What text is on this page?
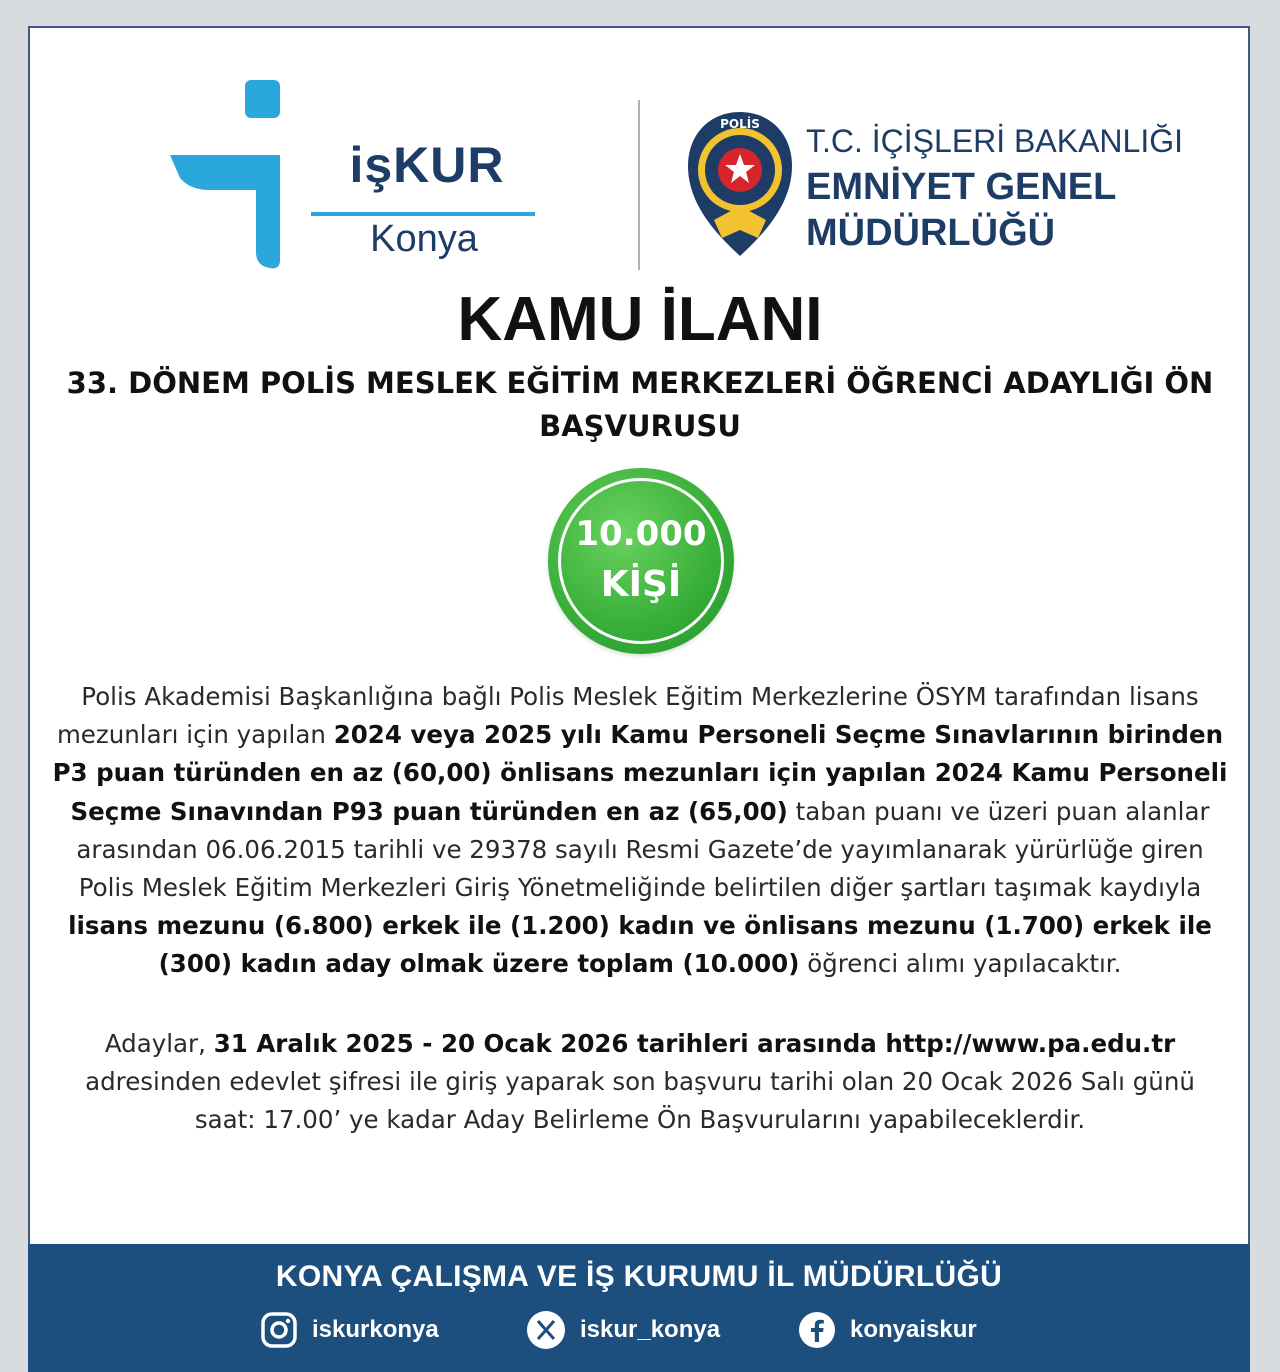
işKUR
Konya
POLİS T.C. İÇİŞLERİ BAKANLIĞI
EMNİYET GENEL
MÜDÜRLÜĞÜ
KAMU İLANI
33. DÖNEM POLİS MESLEK EĞİTİM MERKEZLERİ ÖĞRENCİ ADAYLIĞI ÖN BAŞVURUSU
10.000
KİŞİ

Polis Akademisi Başkanlığına bağlı Polis Meslek Eğitim Merkezlerine ÖSYM tarafından lisans mezunları için yapılan 2024 veya 2025 yılı Kamu Personeli Seçme Sınavlarının birinden P3 puan türünden en az (60,00) önlisans mezunları için yapılan 2024 Kamu Personeli Seçme Sınavından P93 puan türünden en az (65,00) taban puanı ve üzeri puan alanlar arasından 06.06.2015 tarihli ve 29378 sayılı Resmi Gazete’de yayımlanarak yürürlüğe giren Polis Meslek Eğitim Merkezleri Giriş Yönetmeliğinde belirtilen diğer şartları taşımak kaydıyla lisans mezunu (6.800) erkek ile (1.200) kadın ve önlisans mezunu (1.700) erkek ile (300) kadın aday olmak üzere toplam (10.000) öğrenci alımı yapılacaktır.

Adaylar, 31 Aralık 2025 - 20 Ocak 2026 tarihleri arasında http://www.pa.edu.tr adresinden edevlet şifresi ile giriş yaparak son başvuru tarihi olan 20 Ocak 2026 Salı günü saat: 17.00’ ye kadar Aday Belirleme Ön Başvurularını yapabileceklerdir.

KONYA ÇALIŞMA VE İŞ KURUMU İL MÜDÜRLÜĞÜ
iskurkonya	iskur_konya	konyaiskur
